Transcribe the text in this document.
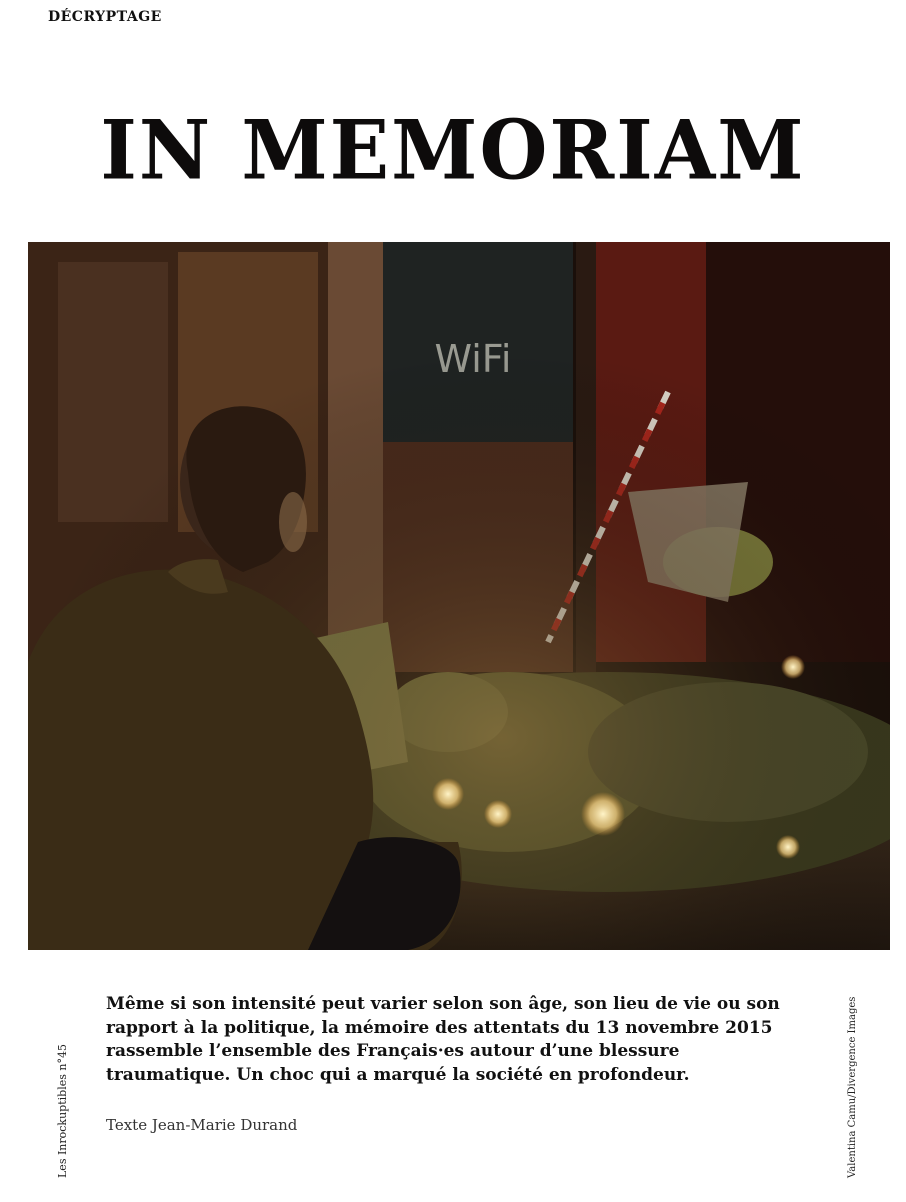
DÉCRYPTAGE
IN MEMORIAM
Même si son intensité peut varier selon son âge, son lieu de vie ou son rapport à la politique, la mémoire des attentats du 13 novembre 2015 rassemble l’ensemble des Français·es autour d’une blessure traumatique. Un choc qui a marqué la société en profondeur.
Texte Jean-Marie Durand
Les Inrockuptibles n°45	Valentina Camu/Divergence Images
